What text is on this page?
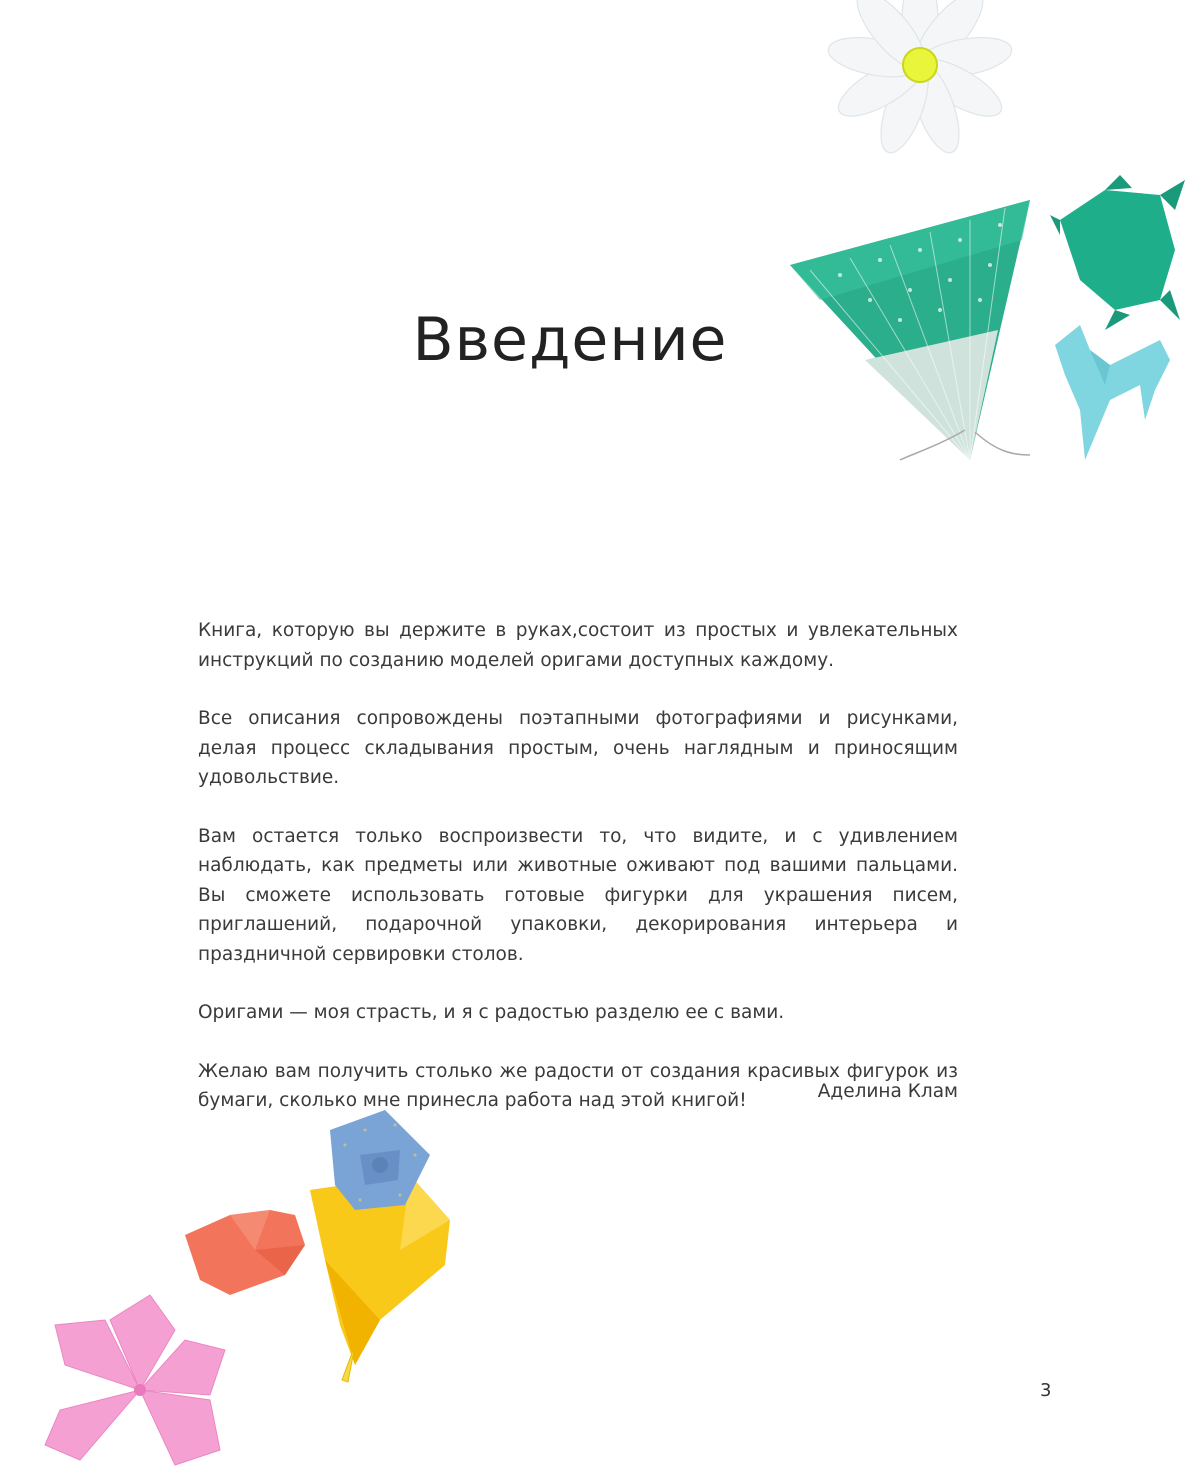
Введение

Книга, которую вы держите в руках,состоит из простых и увлекательных инструкций по созданию моделей оригами доступных каждому.

Все описания сопровождены поэтапными фотографиями и рисунками, делая процесс складывания простым, очень наглядным и приносящим удовольствие.

Вам остается только воспроизвести то, что видите, и с удивлением наблюдать, как предметы или животные оживают под вашими пальцами. Вы сможете использовать готовые фигурки для украшения писем, приглашений, подарочной упаковки, декорирования интерьера и праздничной сервировки столов.

Оригами — моя страсть, и я с радостью разделю ее с вами.

Желаю вам получить столько же радости от создания красивых фигурок из бумаги, сколько мне принесла работа над этой книгой!	Аделина Клам
3
